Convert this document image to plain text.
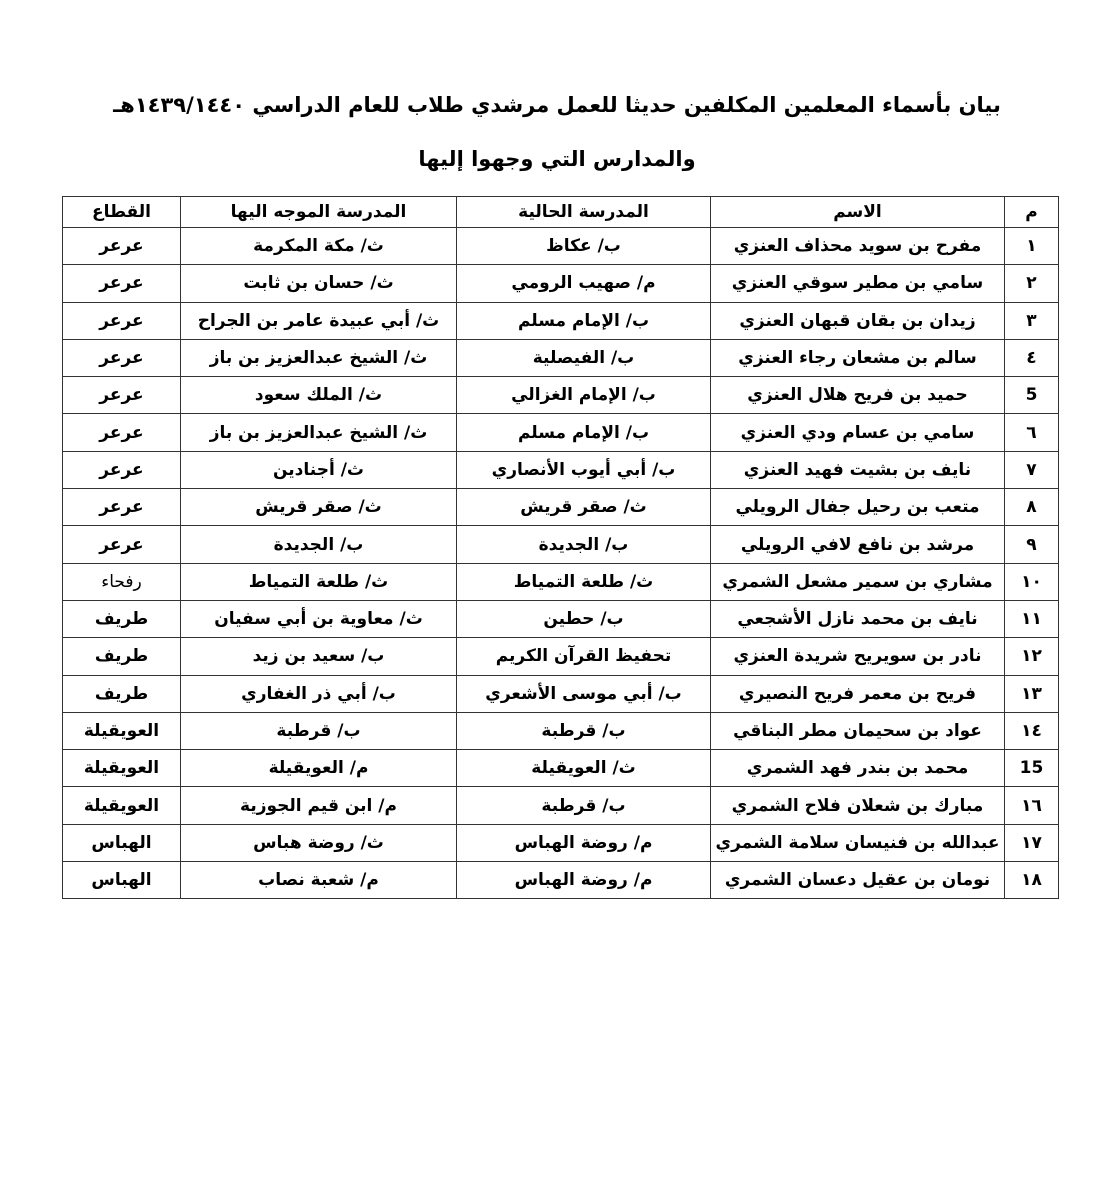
بيان بأسماء المعلمين المكلفين حديثا للعمل مرشدي طلاب للعام الدراسي ١٤٣٩/١٤٤٠هـ
والمدارس التي وجهوا إليها
م	الاسم	المدرسة الحالية	المدرسة الموجه اليها	القطاع
١	مفرح بن سويد محذاف العنزي	ب/ عكاظ	ث/ مكة المكرمة	عرعر
٢	سامي بن مطير سوقي العنزي	م/ صهيب الرومي	ث/ حسان بن ثابت	عرعر
٣	زيدان بن بقان قبهان العنزي	ب/ الإمام مسلم	ث/ أبي عبيدة عامر بن الجراح	عرعر
٤	سالم بن مشعان رجاء العنزي	ب/ الفيصلية	ث/ الشيخ عبدالعزيز بن باز	عرعر
5	حميد بن فريح هلال العنزي	ب/ الإمام الغزالي	ث/ الملك سعود	عرعر
٦	سامي بن عسام ودي العنزي	ب/ الإمام مسلم	ث/ الشيخ عبدالعزيز بن باز	عرعر
٧	نايف بن بشيت فهيد العنزي	ب/ أبي أيوب الأنصاري	ث/ أجنادين	عرعر
٨	متعب بن رحيل جفال الرويلي	ث/ صقر قريش	ث/ صقر قريش	عرعر
٩	مرشد بن نافع لافي الرويلي	ب/ الجديدة	ب/ الجديدة	عرعر
١٠	مشاري بن سمير مشعل الشمري	ث/ طلعة التمياط	ث/ طلعة التمياط	رفحاء
١١	نايف بن محمد نازل الأشجعي	ب/ حطين	ث/ معاوية بن أبي سفيان	طريف
١٢	نادر بن سويريح شريدة العنزي	تحفيظ القرآن الكريم	ب/ سعيد بن زيد	طريف
١٣	فريح بن معمر فريح النصيري	ب/ أبي موسى الأشعري	ب/ أبي ذر الغفاري	طريف
١٤	عواد بن سحيمان مطر البناقي	ب/ قرطبة	ب/ قرطبة	العويقيلة
15	محمد بن بندر فهد الشمري	ث/ العويقيلة	م/ العويقيلة	العويقيلة
١٦	مبارك بن شعلان فلاح الشمري	ب/ قرطبة	م/ ابن قيم الجوزية	العويقيلة
١٧	عبدالله بن فنيسان سلامة الشمري	م/ روضة الهباس	ث/ روضة هباس	الهباس
١٨	نومان بن عقيل دعسان الشمري	م/ روضة الهباس	م/ شعبة نصاب	الهباس
